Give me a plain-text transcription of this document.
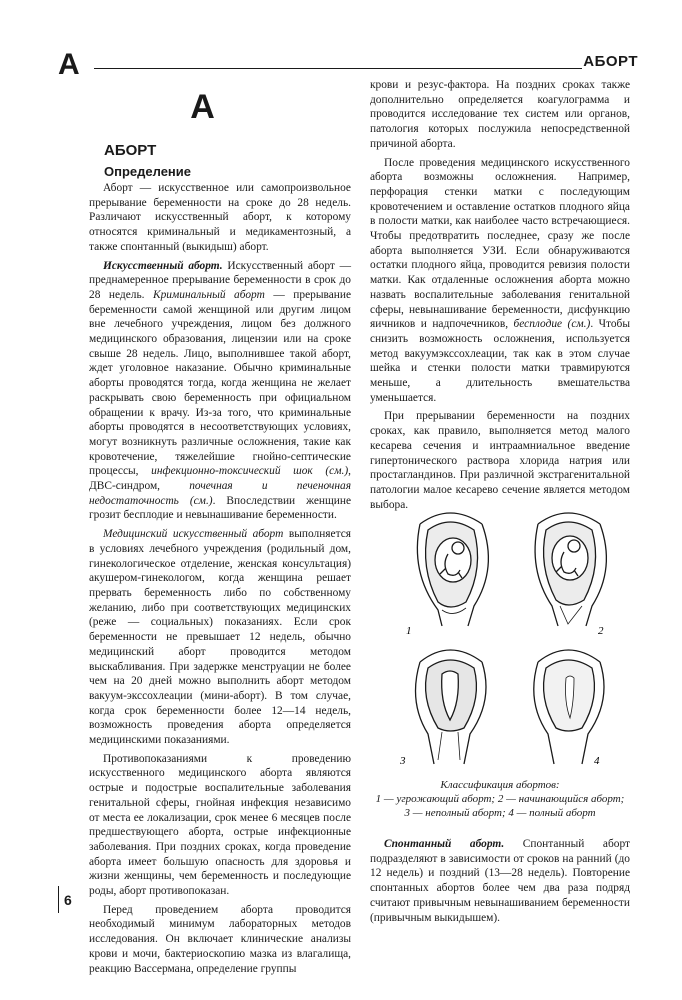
А	АБОРТ
А
АБОРТ
Определение

Аборт — искусственное или самопроизвольное прерывание беременности на сроке до 28 недель. Различают искусственный аборт, к которому относятся криминальный и медикаментозный, а также спонтанный (выкидыш) аборт.

Искусственный аборт. Искусственный аборт — преднамеренное прерывание беременности в срок до 28 недель. Криминальный аборт — прерывание беременности самой женщиной или другим лицом вне лечебного учреждения, лицом без должного медицинского образования, лицензии или на сроке свыше 28 недель. Лицо, выполнившее такой аборт, ждет уголовное наказание. Обычно криминальные аборты проводятся тогда, когда женщина не желает раскрывать свою беременность при официальном обращении к врачу. Из-за того, что криминальные аборты проводятся в несоответствующих условиях, могут возникнуть различные осложнения, такие как кровотечение, тяжелейшие гнойно-септические процессы, инфекционно-токсический шок (см.), ДВС-синдром, почечная и печеночная недостаточность (см.). Впоследствии женщине грозит бесплодие и невынашивание беременности.

Медицинский искусственный аборт выполняется в условиях лечебного учреждения (родильный дом, гинекологическое отделение, женская консультация) акушером-гинекологом, когда женщина решает прервать беременность либо по собственному желанию, либо при соответствующих медицинских (реже — социальных) показаниях. Если срок беременности не превышает 12 недель, обычно медицинский аборт проводится методом выскабливания. При задержке менструации не более чем на 20 дней можно выполнить аборт методом вакуум-экссохлеации (мини-аборт). В том случае, когда срок беременности более 12—14 недель, возможность проведения аборта определяется медицинскими показаниями.

Противопоказаниями к проведению искусственного медицинского аборта являются острые и подострые воспалительные заболевания генитальной сферы, гнойная инфекция независимо от места ее локализации, срок менее 6 месяцев после предшествующего аборта, острые инфекционные заболевания. При поздних сроках, когда проведение аборта имеет большую опасность для здоровья и жизни женщины, чем беременность и последующие роды, аборт противопоказан.

Перед проведением аборта проводится необходимый минимум лабораторных методов исследования. Он включает клинические анализы крови и мочи, бактериоскопию мазка из влагалища, реакцию Вассермана, определение группы

крови и резус-фактора. На поздних сроках также дополнительно определяется коагулограмма и проводится исследование тех систем или органов, патология которых послужила непосредственной причиной аборта.

После проведения медицинского искусственного аборта возможны осложнения. Например, перфорация стенки матки с последующим кровотечением и оставление остатков плодного яйца в полости матки, как наиболее часто встречающиеся. Чтобы предотвратить последнее, сразу же после аборта выполняется УЗИ. Если обнаруживаются остатки плодного яйца, проводится ревизия полости матки. Как отдаленные осложнения аборта можно назвать воспалительные заболевания генитальной сферы, невынашивание беременности, дисфункцию яичников и надпочечников, бесплодие (см.). Чтобы снизить возможность осложнения, используется метод вакуумэкссохлеации, так как в этом случае шейка и стенки полости матки травмируются меньше, а длительность вмешательства уменьшается.

При прерывании беременности на поздних сроках, как правило, выполняется метод малого кесарева сечения и интраамниальное введение гипертонического раствора хлорида натрия или простагландинов. При различной экстрагенитальной патологии малое кесарево сечение является методом выбора.

1	2
3	4
Классификация абортов:
1 — угрожающий аборт; 2 — начинающийся аборт;
3 — неполный аборт; 4 — полный аборт

Спонтанный аборт. Спонтанный аборт подразделяют в зависимости от сроков на ранний (до 12 недель) и поздний (13—28 недель). Повторение спонтанных абортов более чем два раза подряд считают привычным невынашиванием беременности (привычным выкидышем).

6
